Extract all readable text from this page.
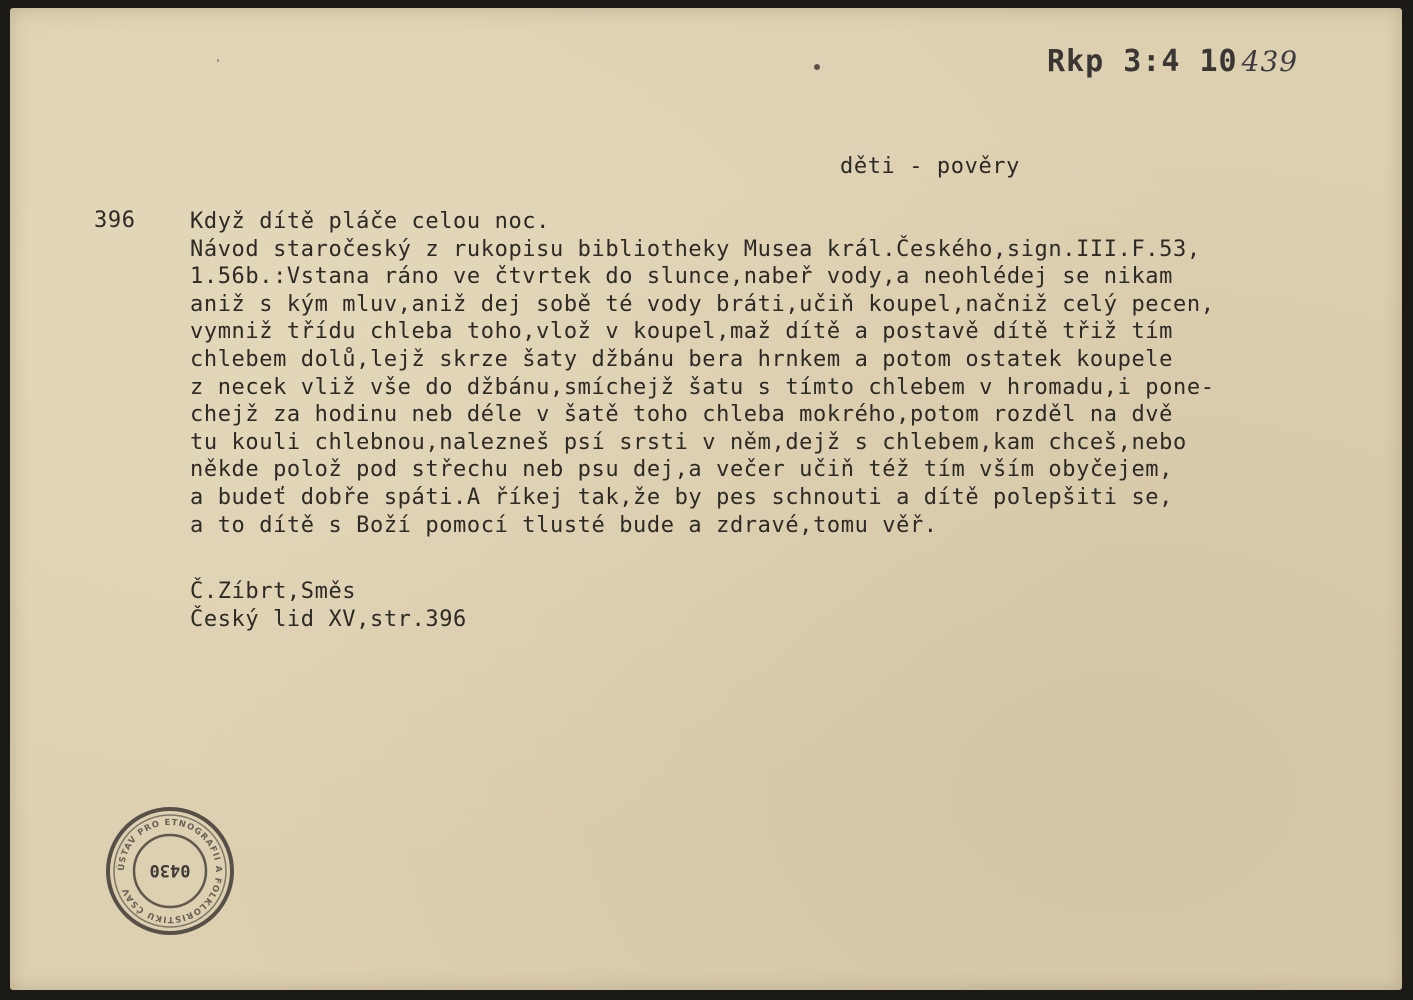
Rkp 3:4 10 439
děti - pověry
396 Když dítě pláče celou noc.
Návod staročeský z rukopisu bibliotheky Musea král.Českého,sign.III.F.53,
1.56b.:Vstana ráno ve čtvrtek do slunce,nabeř vody,a neohlédej se nikam
aniž s kým mluv,aniž dej sobě té vody bráti,učiň koupel,načniž celý pecen,
vymniž třídu chleba toho,vlož v koupel,maž dítě a postavě dítě třiž tím
chlebem dolů,lejž skrze šaty džbánu bera hrnkem a potom ostatek koupele
z necek vliž vše do džbánu,smíchejž šatu s tímto chlebem v hromadu,i pone-
chejž za hodinu neb déle v šatě toho chleba mokrého,potom rozděl na dvě
tu kouli chlebnou,nalezneš psí srsti v něm,dejž s chlebem,kam chceš,nebo
někde polož pod střechu neb psu dej,a večer učiň též tím vším obyčejem,
a budeť dobře spáti.A říkej tak,že by pes schnouti a dítě polepšiti se,
a to dítě s Boží pomocí tlusté bude a zdravé,tomu věř.
Č.Zíbrt,Směs
Český lid XV,str.396
ÚSTAV PRO ETNOGRAFII A FOLKLORISTIKU ČSAV
0430
